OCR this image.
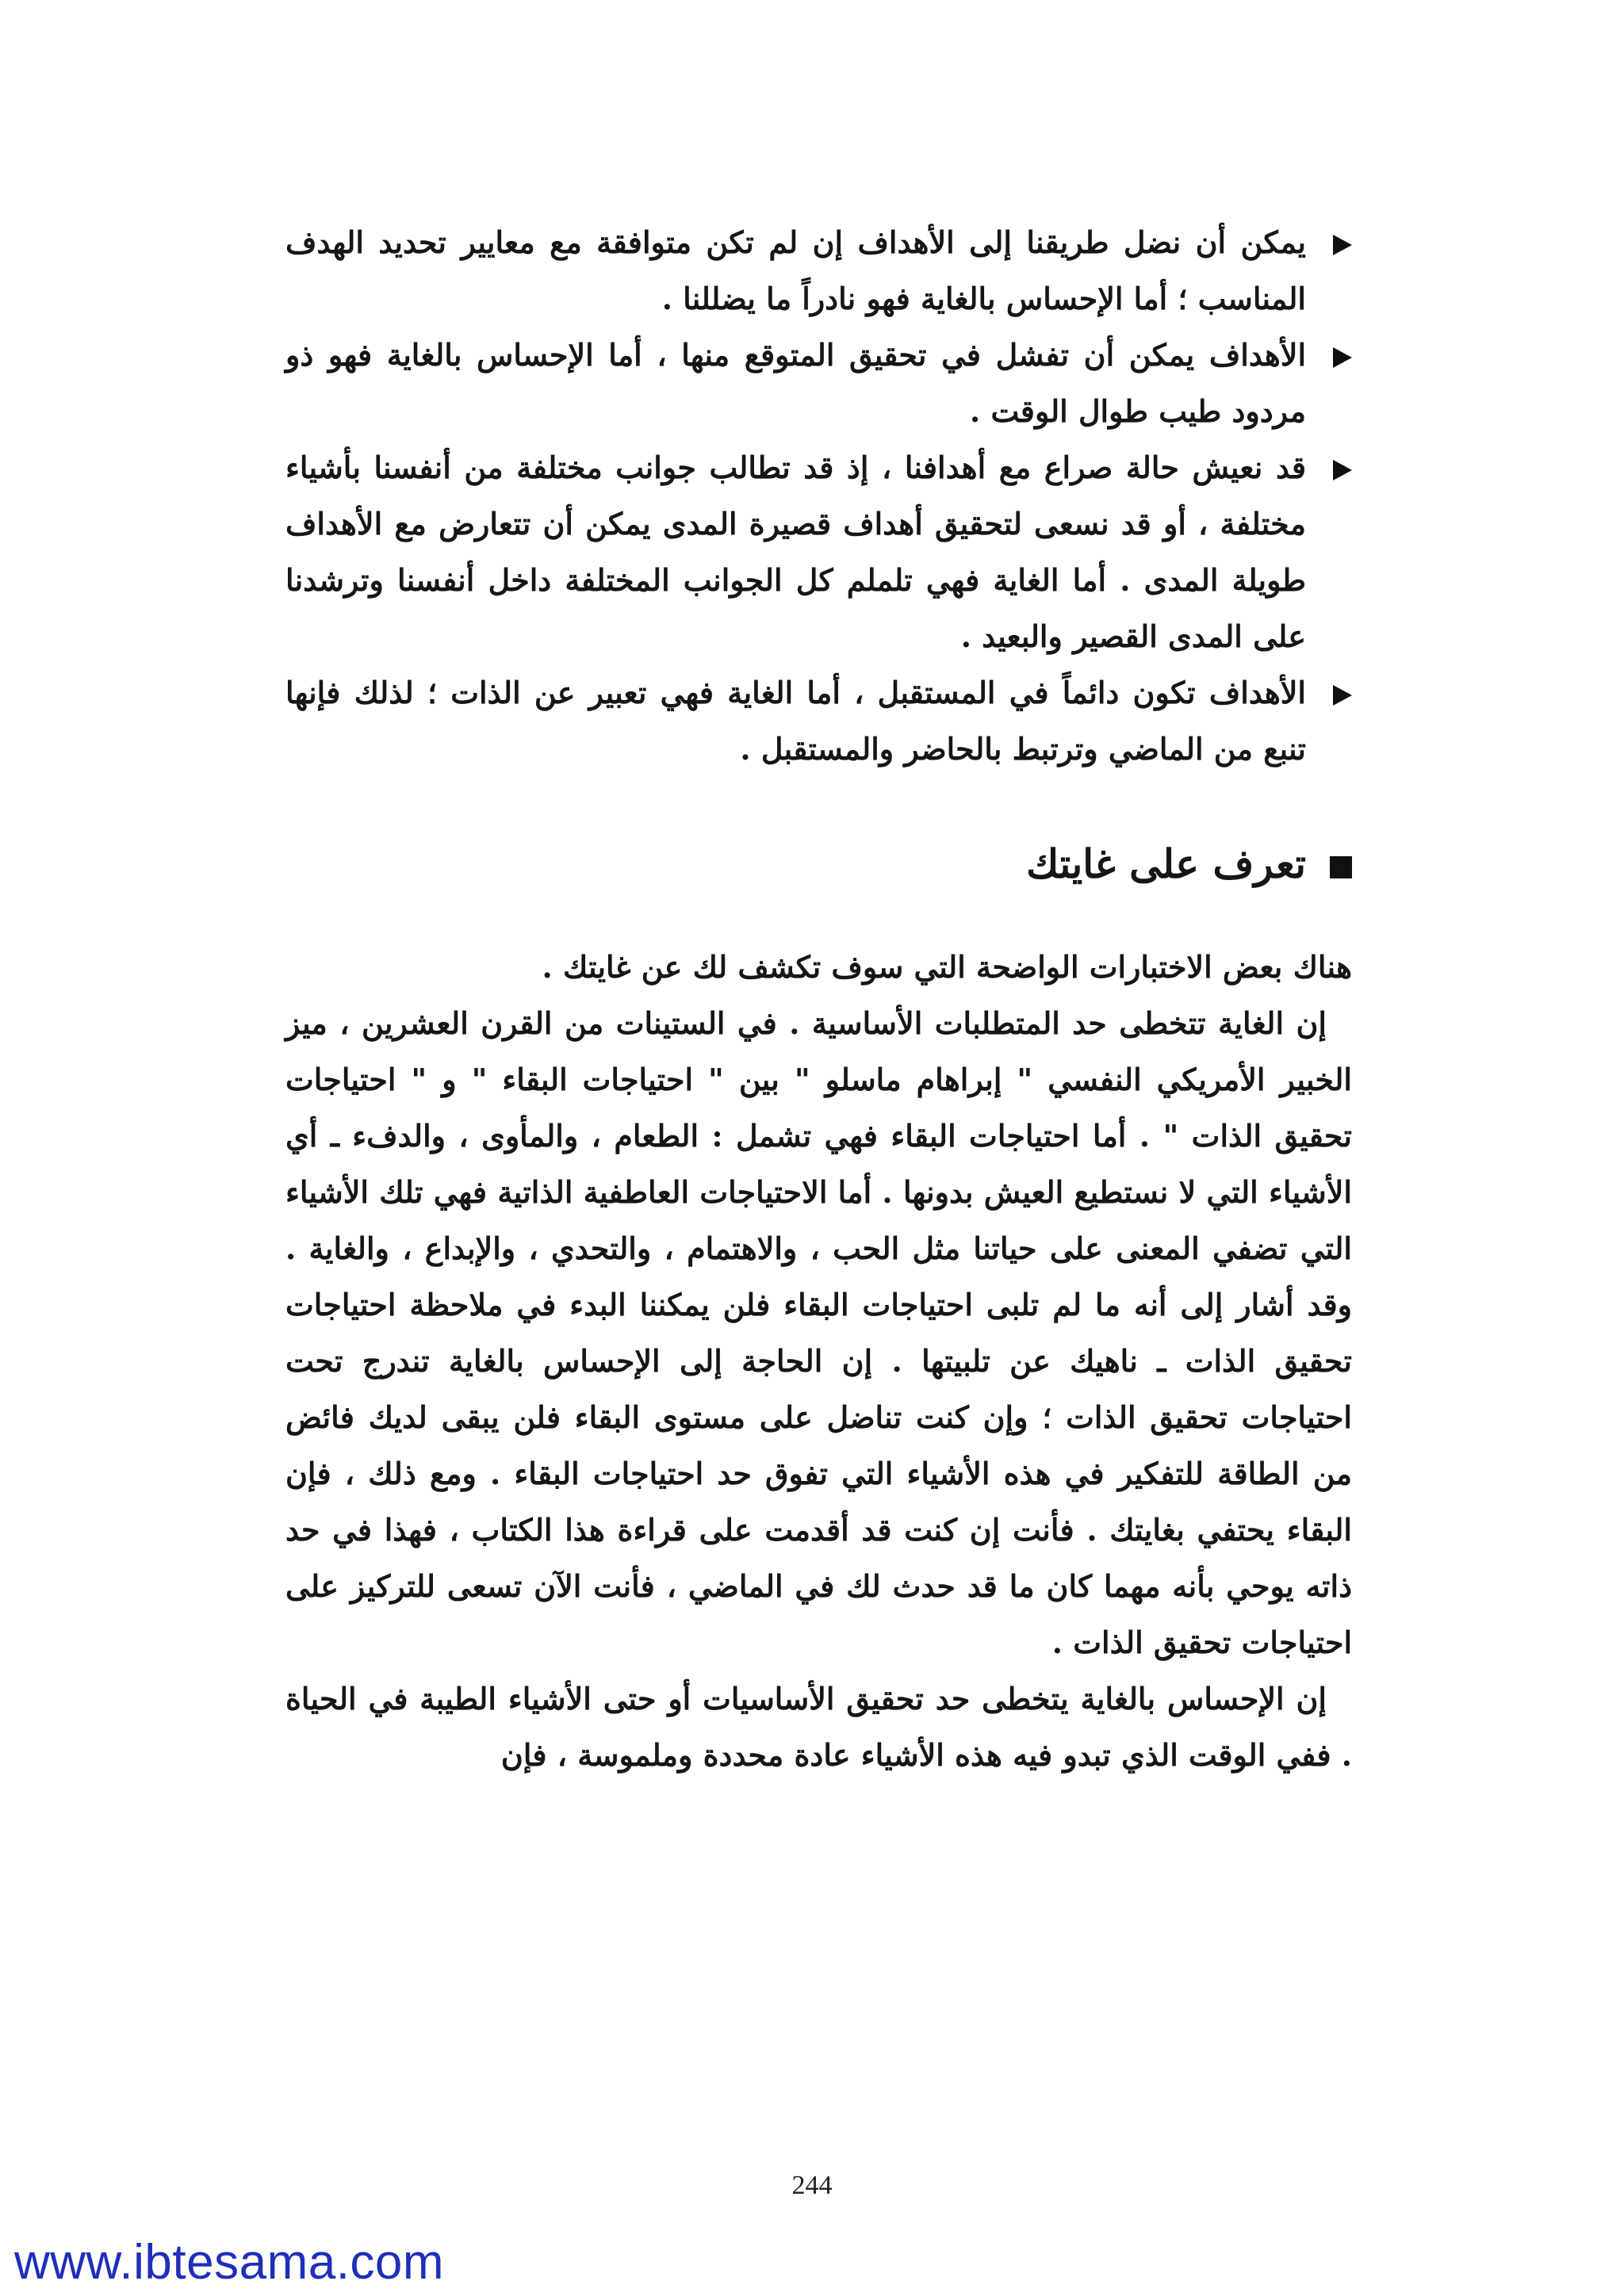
يمكن أن نضل طريقنا إلى الأهداف إن لم تكن متوافقة مع معايير تحديد الهدف المناسب ؛ أما الإحساس بالغاية فهو نادراً ما يضللنا .
الأهداف يمكن أن تفشل في تحقيق المتوقع منها ، أما الإحساس بالغاية فهو ذو مردود طيب طوال الوقت .
قد نعيش حالة صراع مع أهدافنا ، إذ قد تطالب جوانب مختلفة من أنفسنا بأشياء مختلفة ، أو قد نسعى لتحقيق أهداف قصيرة المدى يمكن أن تتعارض مع الأهداف طويلة المدى . أما الغاية فهي تلملم كل الجوانب المختلفة داخل أنفسنا وترشدنا على المدى القصير والبعيد .
الأهداف تكون دائماً في المستقبل ، أما الغاية فهي تعبير عن الذات ؛ لذلك فإنها تنبع من الماضي وترتبط بالحاضر والمستقبل .
تعرف على غايتك

هناك بعض الاختبارات الواضحة التي سوف تكشف لك عن غايتك .

إن الغاية تتخطى حد المتطلبات الأساسية . في الستينات من القرن العشرين ، ميز الخبير الأمريكي النفسي " إبراهام ماسلو " بين " احتياجات البقاء " و " احتياجات تحقيق الذات " . أما احتياجات البقاء فهي تشمل : الطعام ، والمأوى ، والدفء ـ أي الأشياء التي لا نستطيع العيش بدونها . أما الاحتياجات العاطفية الذاتية فهي تلك الأشياء التي تضفي المعنى على حياتنا مثل الحب ، والاهتمام ، والتحدي ، والإبداع ، والغاية . وقد أشار إلى أنه ما لم تلبى احتياجات البقاء فلن يمكننا البدء في ملاحظة احتياجات تحقيق الذات ـ ناهيك عن تلبيتها . إن الحاجة إلى الإحساس بالغاية تندرج تحت احتياجات تحقيق الذات ؛ وإن كنت تناضل على مستوى البقاء فلن يبقى لديك فائض من الطاقة للتفكير في هذه الأشياء التي تفوق حد احتياجات البقاء . ومع ذلك ، فإن البقاء يحتفي بغايتك . فأنت إن كنت قد أقدمت على قراءة هذا الكتاب ، فهذا في حد ذاته يوحي بأنه مهما كان ما قد حدث لك في الماضي ، فأنت الآن تسعى للتركيز على احتياجات تحقيق الذات .

إن الإحساس بالغاية يتخطى حد تحقيق الأساسيات أو حتى الأشياء الطيبة في الحياة . ففي الوقت الذي تبدو فيه هذه الأشياء عادة محددة وملموسة ، فإن

244
www.ibtesama.com
